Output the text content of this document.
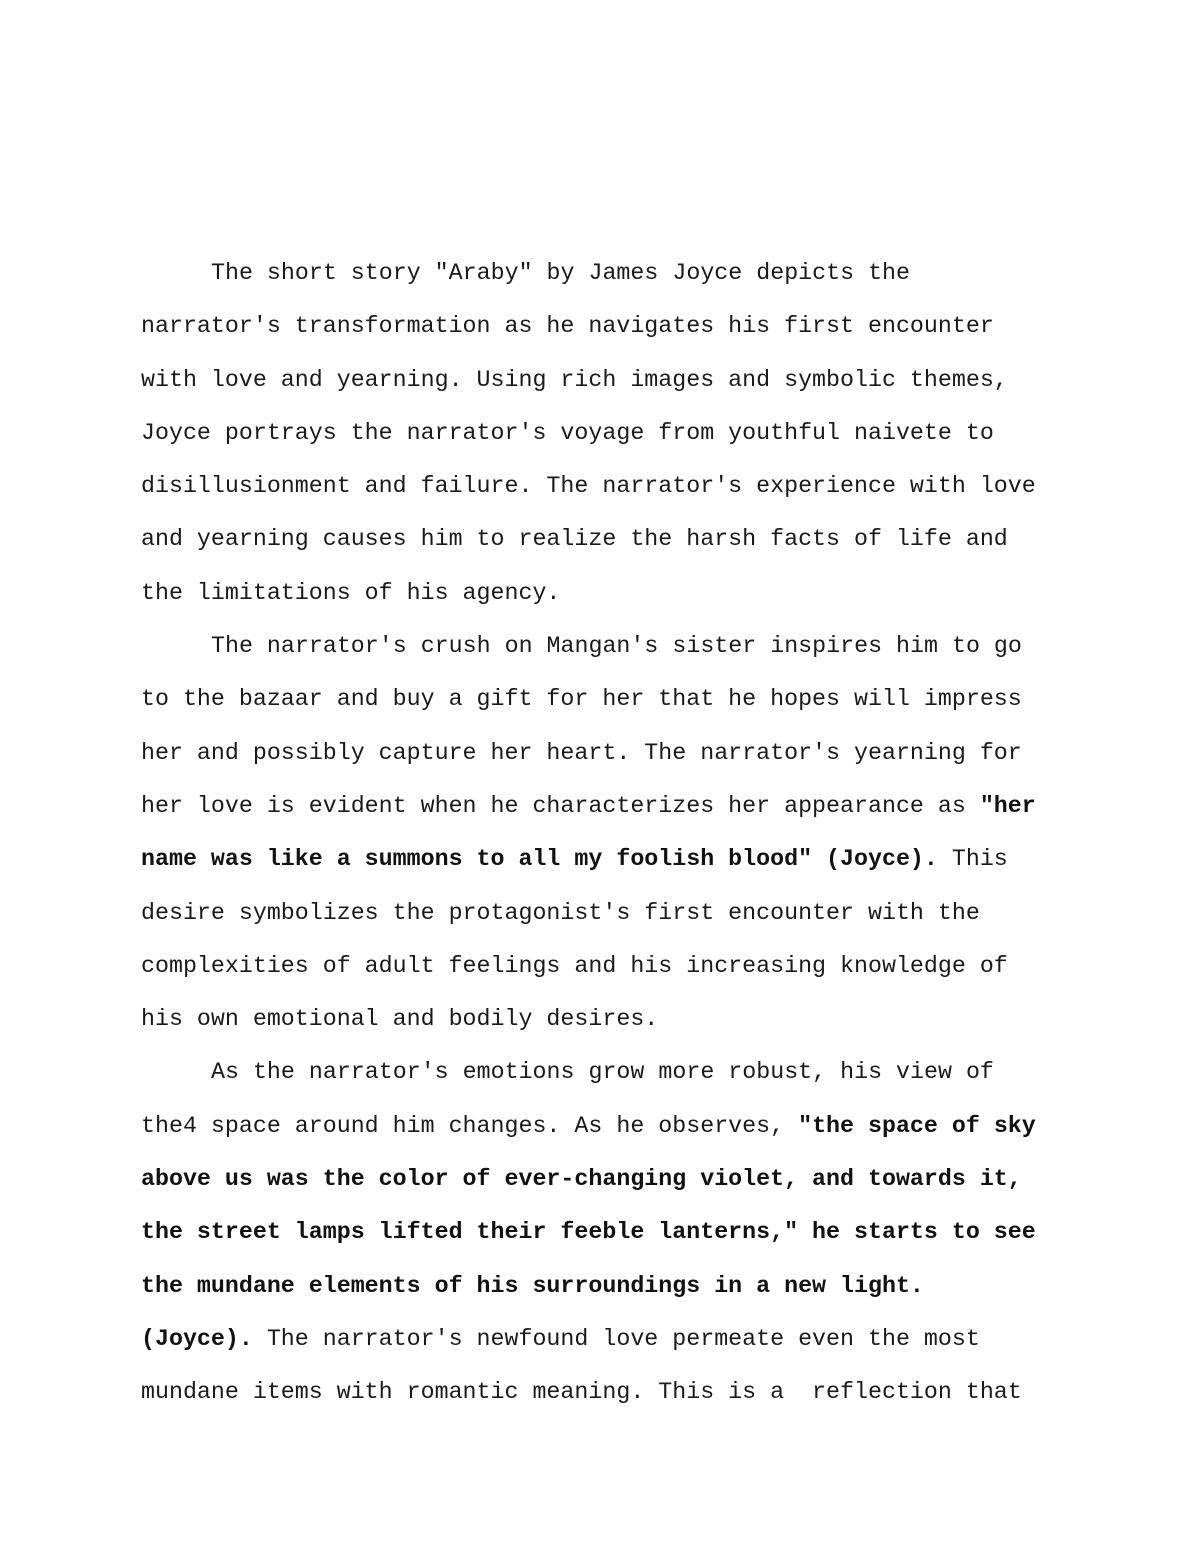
The short story "Araby" by James Joyce depicts the
narrator's transformation as he navigates his first encounter
with love and yearning. Using rich images and symbolic themes,
Joyce portrays the narrator's voyage from youthful naivete to
disillusionment and failure. The narrator's experience with love
and yearning causes him to realize the harsh facts of life and
the limitations of his agency.
The narrator's crush on Mangan's sister inspires him to go
to the bazaar and buy a gift for her that he hopes will impress
her and possibly capture her heart. The narrator's yearning for
her love is evident when he characterizes her appearance as "her
name was like a summons to all my foolish blood" (Joyce). This
desire symbolizes the protagonist's first encounter with the
complexities of adult feelings and his increasing knowledge of
his own emotional and bodily desires.
As the narrator's emotions grow more robust, his view of
the4 space around him changes. As he observes, "the space of sky
above us was the color of ever-changing violet, and towards it,
the street lamps lifted their feeble lanterns," he starts to see
the mundane elements of his surroundings in a new light.
(Joyce). The narrator's newfound love permeate even the most
mundane items with romantic meaning. This is a  reflection that
